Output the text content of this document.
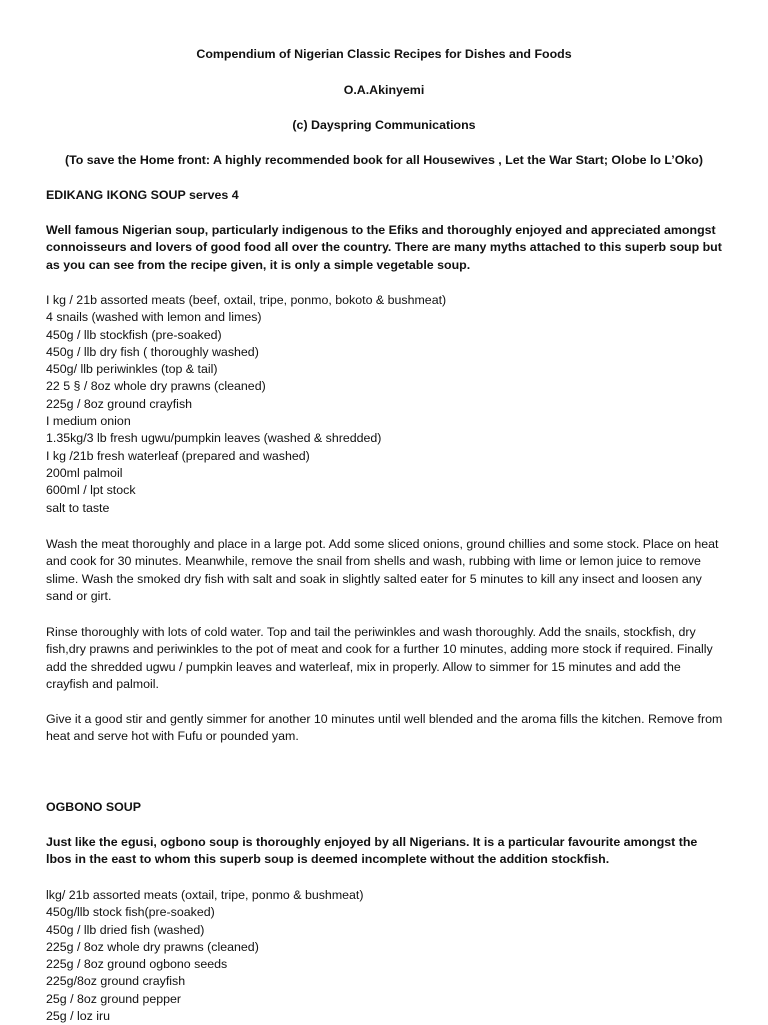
Compendium of Nigerian Classic Recipes for Dishes and Foods
O.A.Akinyemi
(c) Dayspring Communications
(To save the Home front: A highly recommended book for all Housewives , Let the War Start; Olobe lo L’Oko)
EDIKANG IKONG SOUP serves 4
Well famous Nigerian soup, particularly indigenous to the Efiks and thoroughly enjoyed and appreciated amongst connoisseurs and lovers of good food all over the country. There are many myths attached to this superb soup but as you can see from the recipe given, it is only a simple vegetable soup.
I kg / 21b assorted meats (beef, oxtail, tripe, ponmo, bokoto & bushmeat)
4 snails (washed with lemon and limes)
450g / llb stockfish (pre-soaked)
450g / llb dry fish ( thoroughly washed)
450g/ llb periwinkles (top & tail)
22 5 § / 8oz whole dry prawns (cleaned)
225g / 8oz ground crayfish
I medium onion
1.35kg/3 lb fresh ugwu/pumpkin leaves (washed & shredded)
I kg /21b fresh waterleaf (prepared and washed)
200ml palmoil
600ml / lpt stock
salt to taste
Wash the meat thoroughly and place in a large pot. Add some sliced onions, ground chillies and some stock. Place on heat and cook for 30 minutes. Meanwhile, remove the snail from shells and wash, rubbing with lime or lemon juice to remove slime. Wash the smoked dry fish with salt and soak in slightly salted eater for 5 minutes to kill any insect and loosen any sand or girt.
Rinse thoroughly with lots of cold water. Top and tail the periwinkles and wash thoroughly. Add the snails, stockfish, dry fish,dry prawns and periwinkles to the pot of meat and cook for a further 10 minutes, adding more stock if required. Finally add the shredded ugwu / pumpkin leaves and waterleaf, mix in properly. Allow to simmer for 15 minutes and add the crayfish and palmoil.
Give it a good stir and gently simmer for another 10 minutes until well blended and the aroma fills the kitchen. Remove from heat and serve hot with Fufu or pounded yam.
OGBONO SOUP
Just like the egusi, ogbono soup is thoroughly enjoyed by all Nigerians. It is a particular favourite amongst the lbos in the east to whom this superb soup is deemed incomplete without the addition stockfish.
lkg/ 21b assorted meats (oxtail, tripe, ponmo & bushmeat)
450g/llb stock fish(pre-soaked)
450g / llb dried fish (washed)
225g / 8oz whole dry prawns (cleaned)
225g / 8oz ground ogbono seeds
225g/8oz ground crayfish
25g / 8oz ground pepper
25g / loz iru
